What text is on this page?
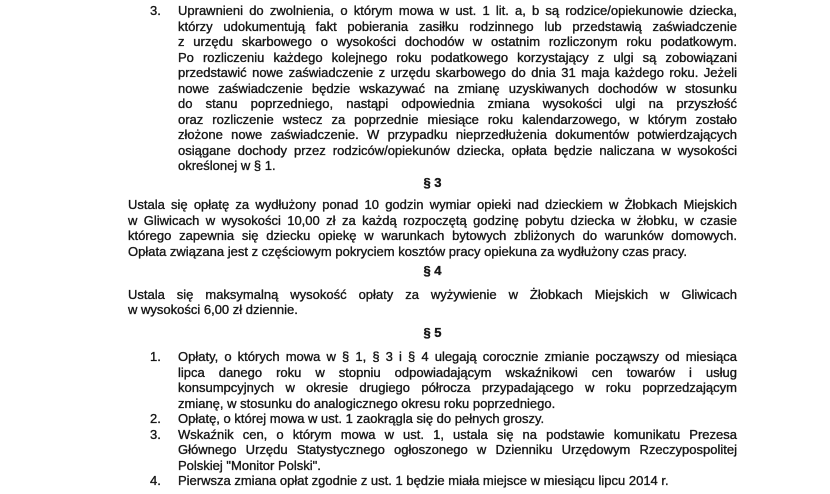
3.	Uprawnieni do zwolnienia, o którym mowa w ust. 1 lit. a, b są rodzice/opiekunowie dziecka,
którzy udokumentują fakt pobierania zasiłku rodzinnego lub przedstawią zaświadczenie
z urzędu skarbowego o wysokości dochodów w ostatnim rozliczonym roku podatkowym.
Po rozliczeniu każdego kolejnego roku podatkowego korzystający z ulgi są zobowiązani
przedstawić nowe zaświadczenie z urzędu skarbowego do dnia 31 maja każdego roku. Jeżeli
nowe zaświadczenie będzie wskazywać na zmianę uzyskiwanych dochodów w stosunku
do stanu poprzedniego, nastąpi odpowiednia zmiana wysokości ulgi na przyszłość
oraz rozliczenie wstecz za poprzednie miesiące roku kalendarzowego, w którym zostało
złożone nowe zaświadczenie. W przypadku nieprzedłużenia dokumentów potwierdzających
osiągane dochody przez rodziców/opiekunów dziecka, opłata będzie naliczana w wysokości
określonej w § 1.
§ 3
Ustala się opłatę za wydłużony ponad 10 godzin wymiar opieki nad dzieckiem w Żłobkach Miejskich
w Gliwicach w wysokości 10,00 zł za każdą rozpoczętą godzinę pobytu dziecka w żłobku, w czasie
którego zapewnia się dziecku opiekę w warunkach bytowych zbliżonych do warunków domowych.
Opłata związana jest z częściowym pokryciem kosztów pracy opiekuna za wydłużony czas pracy.
§ 4
Ustala się maksymalną wysokość opłaty za wyżywienie w Żłobkach Miejskich w Gliwicach
w wysokości 6,00 zł dziennie.
§ 5
1.	Opłaty, o których mowa w § 1, § 3 i § 4 ulegają corocznie zmianie począwszy od miesiąca
lipca danego roku w stopniu odpowiadającym wskaźnikowi cen towarów i usług
konsumpcyjnych w okresie drugiego półrocza przypadającego w roku poprzedzającym
zmianę, w stosunku do analogicznego okresu roku poprzedniego.
2.	Opłatę, o której mowa w ust. 1 zaokrągla się do pełnych groszy.
3.	Wskaźnik cen, o którym mowa w ust. 1, ustala się na podstawie komunikatu Prezesa
Głównego Urzędu Statystycznego ogłoszonego w Dzienniku Urzędowym Rzeczypospolitej
Polskiej "Monitor Polski".
4.	Pierwsza zmiana opłat zgodnie z ust. 1 będzie miała miejsce w miesiącu lipcu 2014 r.
